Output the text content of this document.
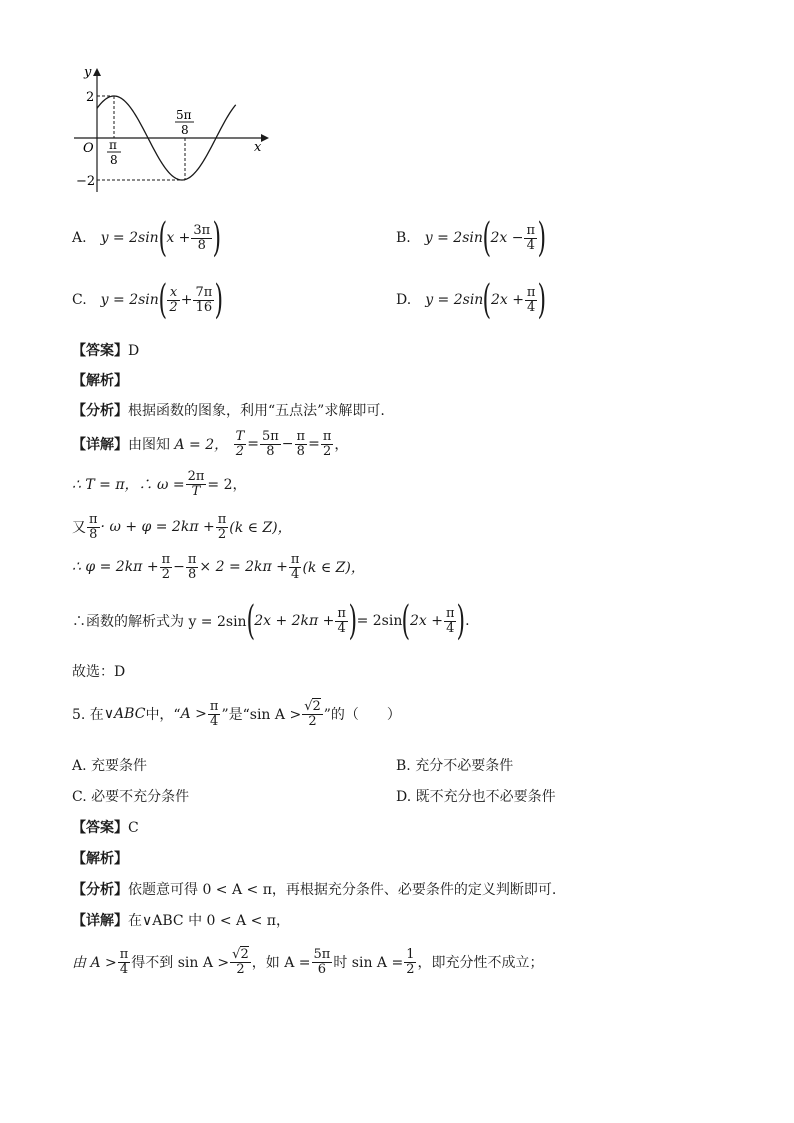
y
x
O
2
−2
π
8
5π
8
A. y = 2sin ( $x + \frac{3\pi}{8}$ )	B. y = 2sin ( $2x - \frac{\pi}{4}$ )
C. y = 2sin ( $\frac{x}{2} + \frac{7\pi}{16}$ )	D. y = 2sin ( $2x + \frac{\pi}{4}$ )
【答案】D
【解析】
【分析】根据函数的图象，利用“五点法”求解即可.
【详解】 由图知
A = 2，
$\frac{T}{2} = \frac{5\pi}{8} - \frac{\pi}{8} = \frac{\pi}{2}$ ，
∴ T = π，∴ $\omega = \frac{2\pi}{T} = 2$，
又 $\frac{\pi}{8} \cdot \omega + \varphi = 2k\pi + \frac{\pi}{2} (k$ ∈ Z)，
∴ $\varphi = 2k\pi + \frac{\pi}{2} - \frac{\pi}{8} \times 2 = 2k\pi + \frac{\pi}{4} (k$ ∈ Z)，
∴函数的解析式为 y = 2sin ( $2x + 2k\pi + \frac{\pi}{4}$ ) = 2sin ( $2x + \frac{\pi}{4}$ ) .
故选：D
5. 在 ∨ABC 中，“ $A > \frac{\pi}{4}$ ”是“sin $A > \frac{√2}{2}$ ”的（　　）
A. 充要条件	B. 充分不必要条件
C. 必要不充分条件	D. 既不充分也不必要条件
【答案】C
【解析】
【分析】依题意可得 0 < A < π，再根据充分条件、必要条件的定义判断即可.
【详解】在∨ABC 中 0 < A < π，
由 $A > \frac{\pi}{4}$ 得不到 $\sin A > \frac{√2}{2}$ ，如 $A = \frac{5\pi}{6}$ 时 $\sin A = \frac{1}{2}$ ，即充分性不成立；
